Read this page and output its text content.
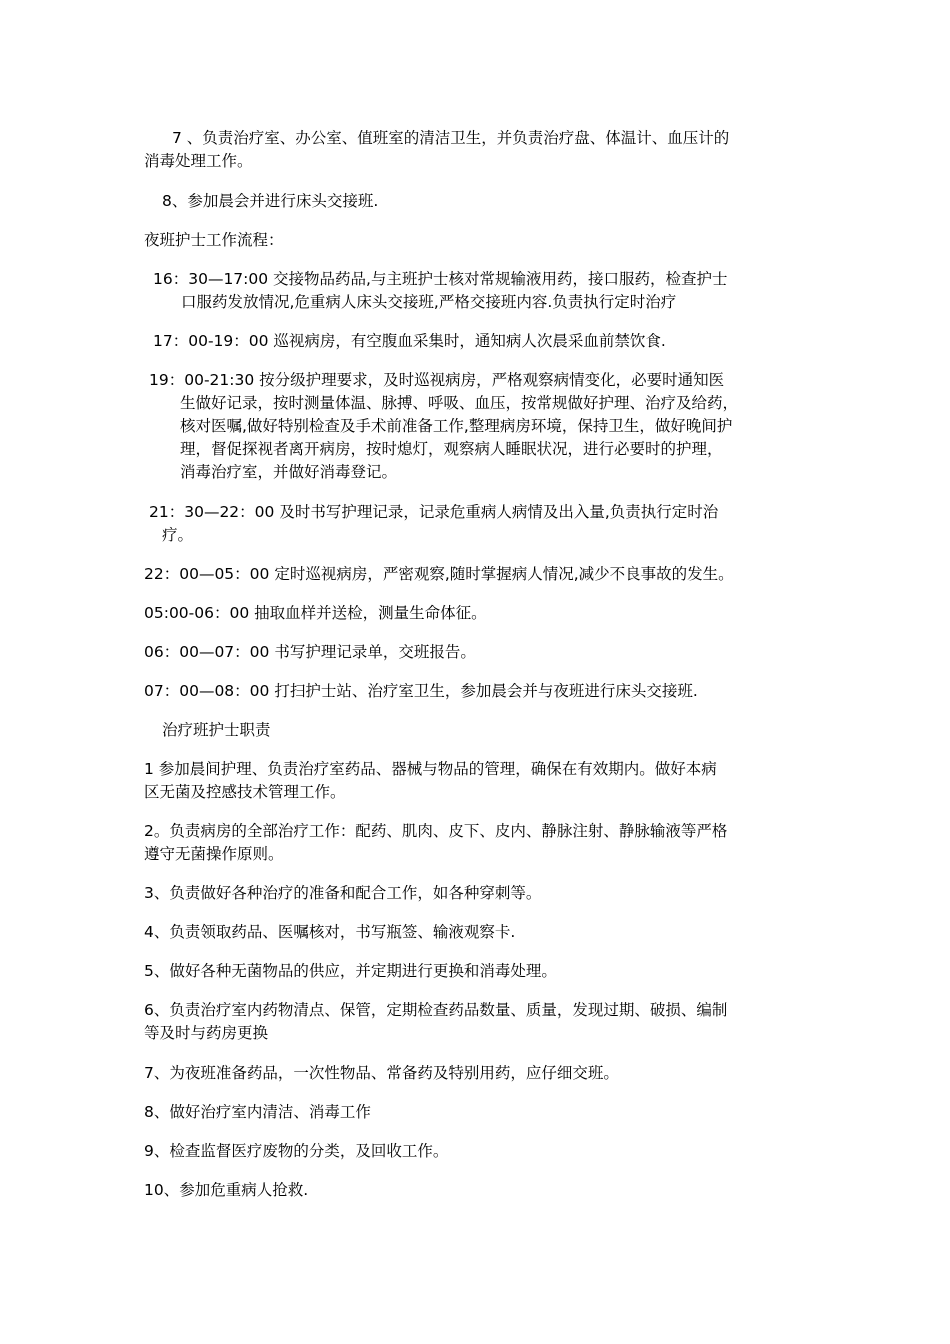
7 、负责治疗室、办公室、值班室的清洁卫生，并负责治疗盘、体温计、血压计的
消毒处理工作。

8、参加晨会并进行床头交接班.

夜班护士工作流程：

16：30—17:00 交接物品药品,与主班护士核对常规输液用药，接口服药，检查护士
口服药发放情况,危重病人床头交接班,严格交接班内容.负责执行定时治疗

17：00-19：00 巡视病房，有空腹血采集时，通知病人次晨采血前禁饮食.

19：00-21:30 按分级护理要求，及时巡视病房，严格观察病情变化，必要时通知医
生做好记录，按时测量体温、脉搏、呼吸、血压，按常规做好护理、治疗及给药，
核对医嘱,做好特别检查及手术前准备工作,整理病房环境，保持卫生，做好晚间护
理，督促探视者离开病房，按时熄灯，观察病人睡眠状况，进行必要时的护理，
消毒治疗室，并做好消毒登记。

21：30—22：00 及时书写护理记录，记录危重病人病情及出入量,负责执行定时治
疗。

22：00—05：00 定时巡视病房，严密观察,随时掌握病人情况,减少不良事故的发生。

05:00-06：00 抽取血样并送检，测量生命体征。

06：00—07：00 书写护理记录单，交班报告。

07：00—08：00 打扫护士站、治疗室卫生，参加晨会并与夜班进行床头交接班.

治疗班护士职责

1 参加晨间护理、负责治疗室药品、器械与物品的管理，确保在有效期内。做好本病
区无菌及控感技术管理工作。

2。负责病房的全部治疗工作：配药、肌肉、皮下、皮内、静脉注射、静脉输液等严格
遵守无菌操作原则。

3、负责做好各种治疗的准备和配合工作，如各种穿刺等。

4、负责领取药品、医嘱核对，书写瓶签、输液观察卡.

5、做好各种无菌物品的供应，并定期进行更换和消毒处理。

6、负责治疗室内药物清点、保管，定期检查药品数量、质量，发现过期、破损、编制
等及时与药房更换

7、为夜班准备药品，一次性物品、常备药及特别用药，应仔细交班。

8、做好治疗室内清洁、消毒工作

9、检查监督医疗废物的分类，及回收工作。

10、参加危重病人抢救.
